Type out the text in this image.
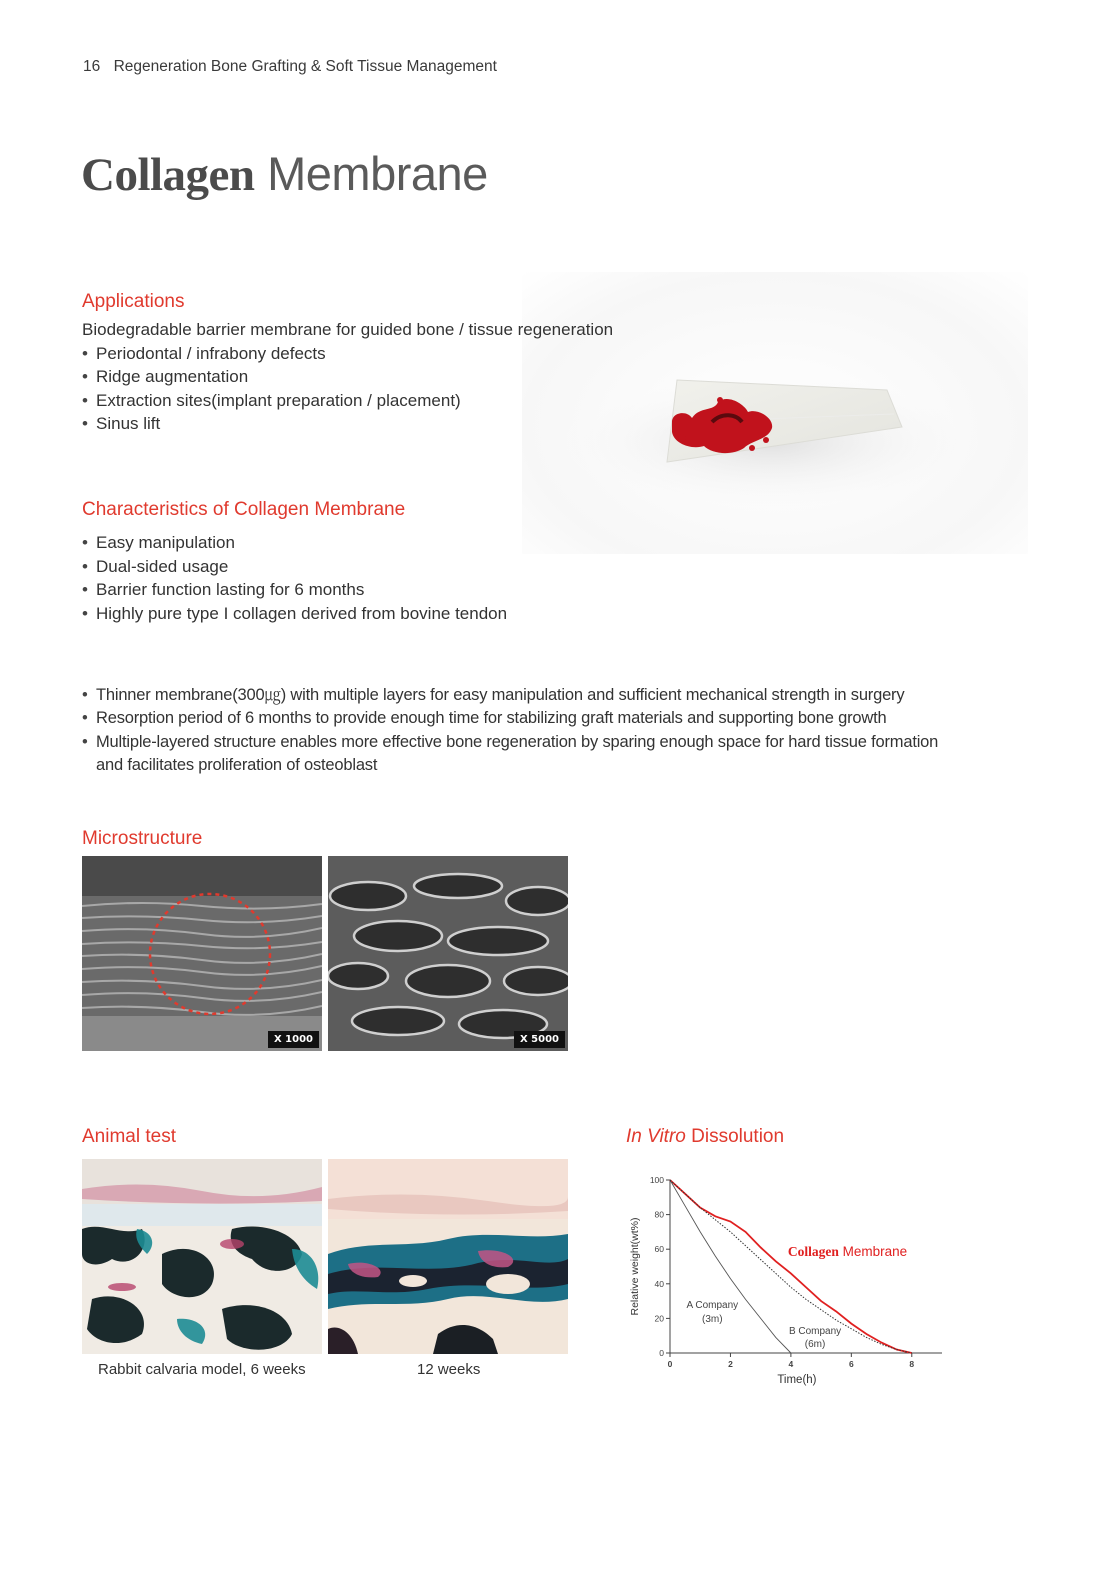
16 Regeneration Bone Grafting & Soft Tissue Management
Collagen Membrane
Applications
Biodegradable barrier membrane for guided bone / tissue regeneration
• Periodontal / infrabony defects
• Ridge augmentation
• Extraction sites(implant preparation / placement)
• Sinus lift
Characteristics of Collagen Membrane
• Easy manipulation
• Dual-sided usage
• Barrier function lasting for 6 months
• Highly pure type I collagen derived from bovine tendon
• Thinner membrane(300㎍) with multiple layers for easy manipulation and sufficient mechanical strength in surgery
• Resorption period of 6 months to provide enough time for stabilizing graft materials and supporting bone growth
• Multiple-layered structure enables more effective bone regeneration by sparing enough space for hard tissue formation
and facilitates proliferation of osteoblast
Microstructure
X 1000	X 5000
Animal test
Rabbit calvaria model, 6 weeks	12 weeks
In Vitro Dissolution
0
20
40
60
80
100
0	2	4	6	8
Relative weight(wt%)
Time(h)
Collagen Membrane
A Company
(3m)
B Company
(6m)
